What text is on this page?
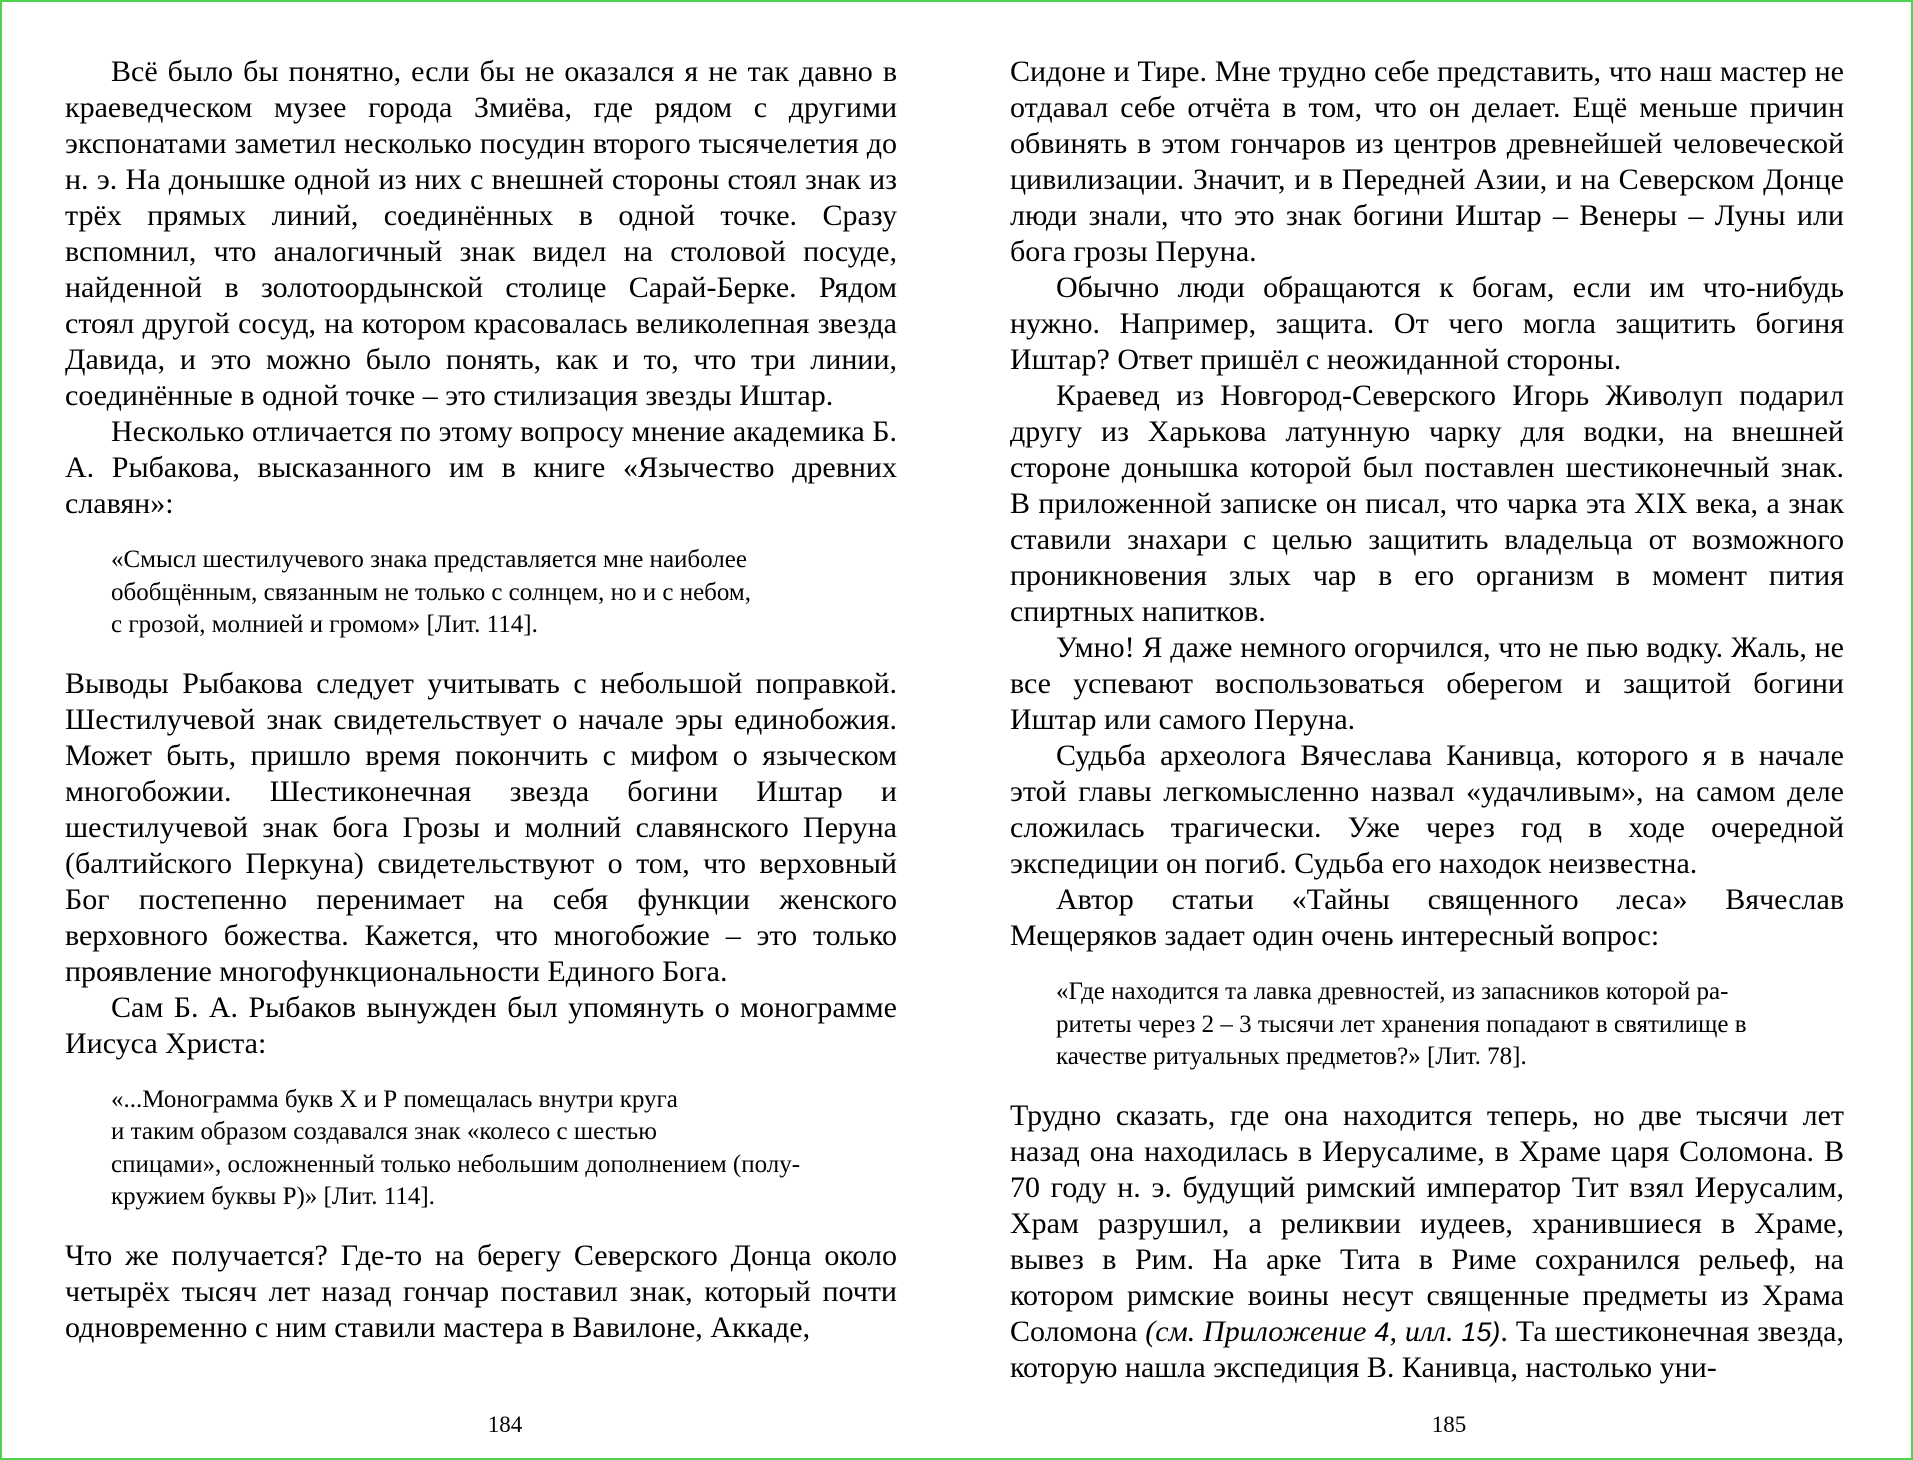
Всё было бы понятно, если бы не оказался я не так давно в краеведческом музее города Змиёва, где рядом с другими экспонатами заметил несколько посудин второго тысячелетия до н. э. На донышке одной из них с внешней стороны стоял знак из трёх прямых линий, соединённых в одной точке. Сразу вспомнил, что аналогичный знак видел на столовой посуде, найденной в золотоордынской столице Сарай-Берке. Рядом стоял другой сосуд, на котором красовалась великолепная звезда Давида, и это можно было понять, как и то, что три линии, соединённые в одной точке – это стилизация звезды Иштар.

Несколько отличается по этому вопросу мнение академика Б. А. Рыбакова, высказанного им в книге «Язычество древних славян»:

«Смысл шестилучевого знака представляется мне наиболее
обобщённым, связанным не только с солнцем, но и с небом,
с грозой, молнией и громом» [Лит. 114].

Выводы Рыбакова следует учитывать с небольшой поправкой. Шестилучевой знак свидетельствует о начале эры единобожия. Может быть, пришло время покончить с мифом о языческом многобожии. Шестиконечная звезда богини Иштар и шестилучевой знак бога Грозы и молний славянского Перуна (балтийского Перкуна) свидетельствуют о том, что верховный Бог постепенно перенимает на себя функции женского верховного божества. Кажется, что многобожие – это только проявление многофункциональности Единого Бога.

Сам Б. А. Рыбаков вынужден был упомянуть о монограмме Иисуса Христа:

«...Монограмма букв X и Р помещалась внутри круга
и таким образом создавался знак «колесо с шестью
спицами», осложненный только небольшим дополнением (полу-
кружием буквы Р)» [Лит. 114].

Что же получается? Где-то на берегу Северского Донца около четырёх тысяч лет назад гончар поставил знак, который почти одновременно с ним ставили мастера в Вавилоне, Аккаде,

184

Сидоне и Тире. Мне трудно себе представить, что наш мастер не отдавал себе отчёта в том, что он делает. Ещё меньше причин обвинять в этом гончаров из центров древнейшей человеческой цивилизации. Значит, и в Передней Азии, и на Северском Донце люди знали, что это знак богини Иштар – Венеры – Луны или бога грозы Перуна.

Обычно люди обращаются к богам, если им что-нибудь нужно. Например, защита. От чего могла защитить богиня Иштар? Ответ пришёл с неожиданной стороны.

Краевед из Новгород-Северского Игорь Живолуп подарил другу из Харькова латунную чарку для водки, на внешней стороне донышка которой был поставлен шестиконечный знак. В приложенной записке он писал, что чарка эта XIX века, а знак ставили знахари с целью защитить владельца от возможного проникновения злых чар в его организм в момент пития спиртных напитков.

Умно! Я даже немного огорчился, что не пью водку. Жаль, не все успевают воспользоваться оберегом и защитой богини Иштар или самого Перуна.

Судьба археолога Вячеслава Канивца, которого я в начале этой главы легкомысленно назвал «удачливым», на самом деле сложилась трагически. Уже через год в ходе очередной экспедиции он погиб. Судьба его находок неизвестна.

Автор статьи «Тайны священного леса» Вячеслав Мещеряков задает один очень интересный вопрос:

«Где находится та лавка древностей, из запасников которой ра-
ритеты через 2 – 3 тысячи лет хранения попадают в святилище в
качестве ритуальных предметов?» [Лит. 78].

Трудно сказать, где она находится теперь, но две тысячи лет назад она находилась в Иерусалиме, в Храме царя Соломона. В 70 году н. э. будущий римский император Тит взял Иерусалим, Храм разрушил, а реликвии иудеев, хранившиеся в Храме, вывез в Рим. На арке Тита в Риме сохранился рельеф, на котором римские воины несут священные предметы из Храма Соломона (см. Приложение 4, илл. 15). Та шестиконечная звезда, которую нашла экспедиция В. Канивца, настолько уни-

185
